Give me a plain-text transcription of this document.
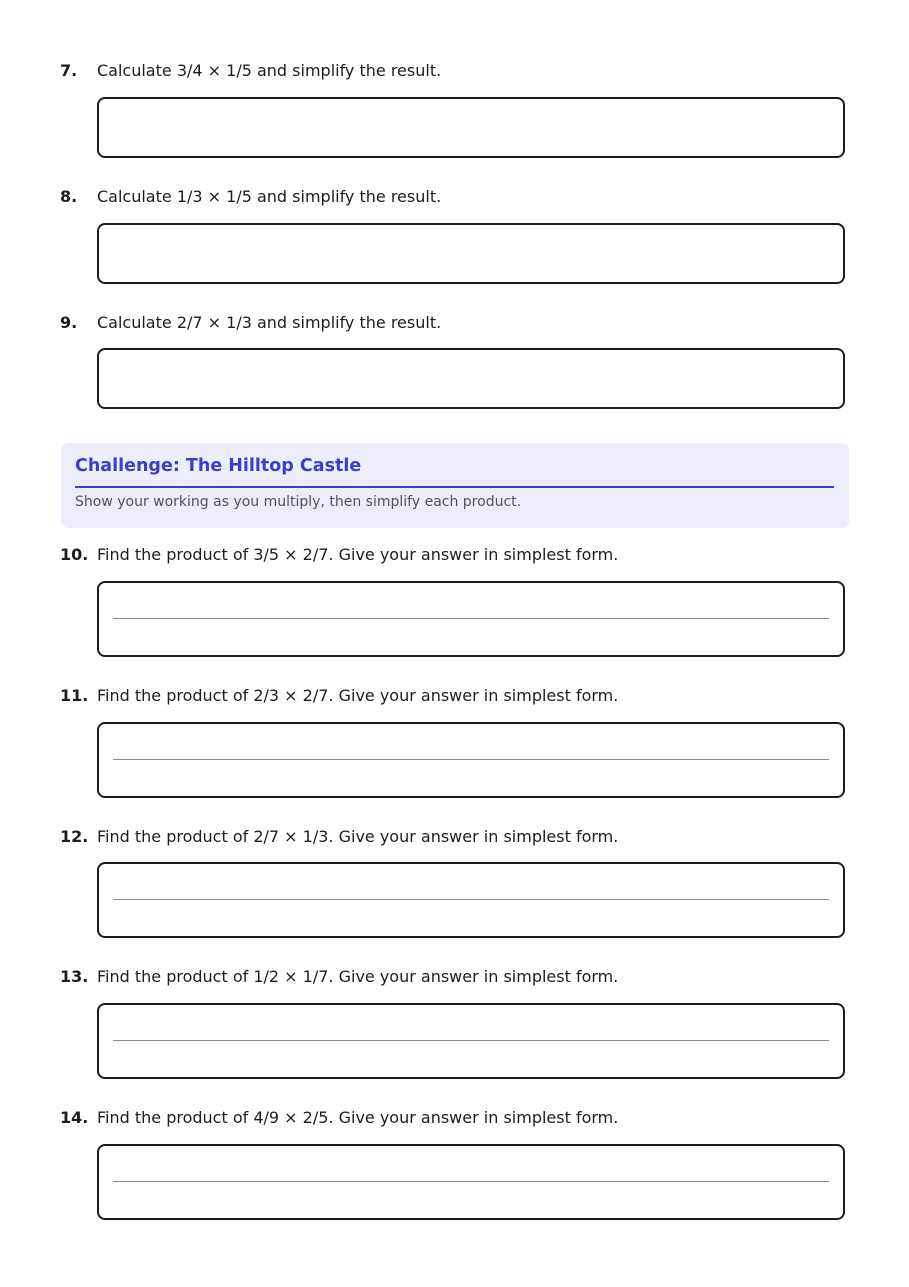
7.	Calculate 3/4 × 1/5 and simplify the result.
8.	Calculate 1/3 × 1/5 and simplify the result.
9.	Calculate 2/7 × 1/3 and simplify the result.
Challenge: The Hilltop Castle
Show your working as you multiply, then simplify each product.
10. Find the product of 3/5 × 2/7. Give your answer in simplest form.
11. Find the product of 2/3 × 2/7. Give your answer in simplest form.
12. Find the product of 2/7 × 1/3. Give your answer in simplest form.
13. Find the product of 1/2 × 1/7. Give your answer in simplest form.
14. Find the product of 4/9 × 2/5. Give your answer in simplest form.
